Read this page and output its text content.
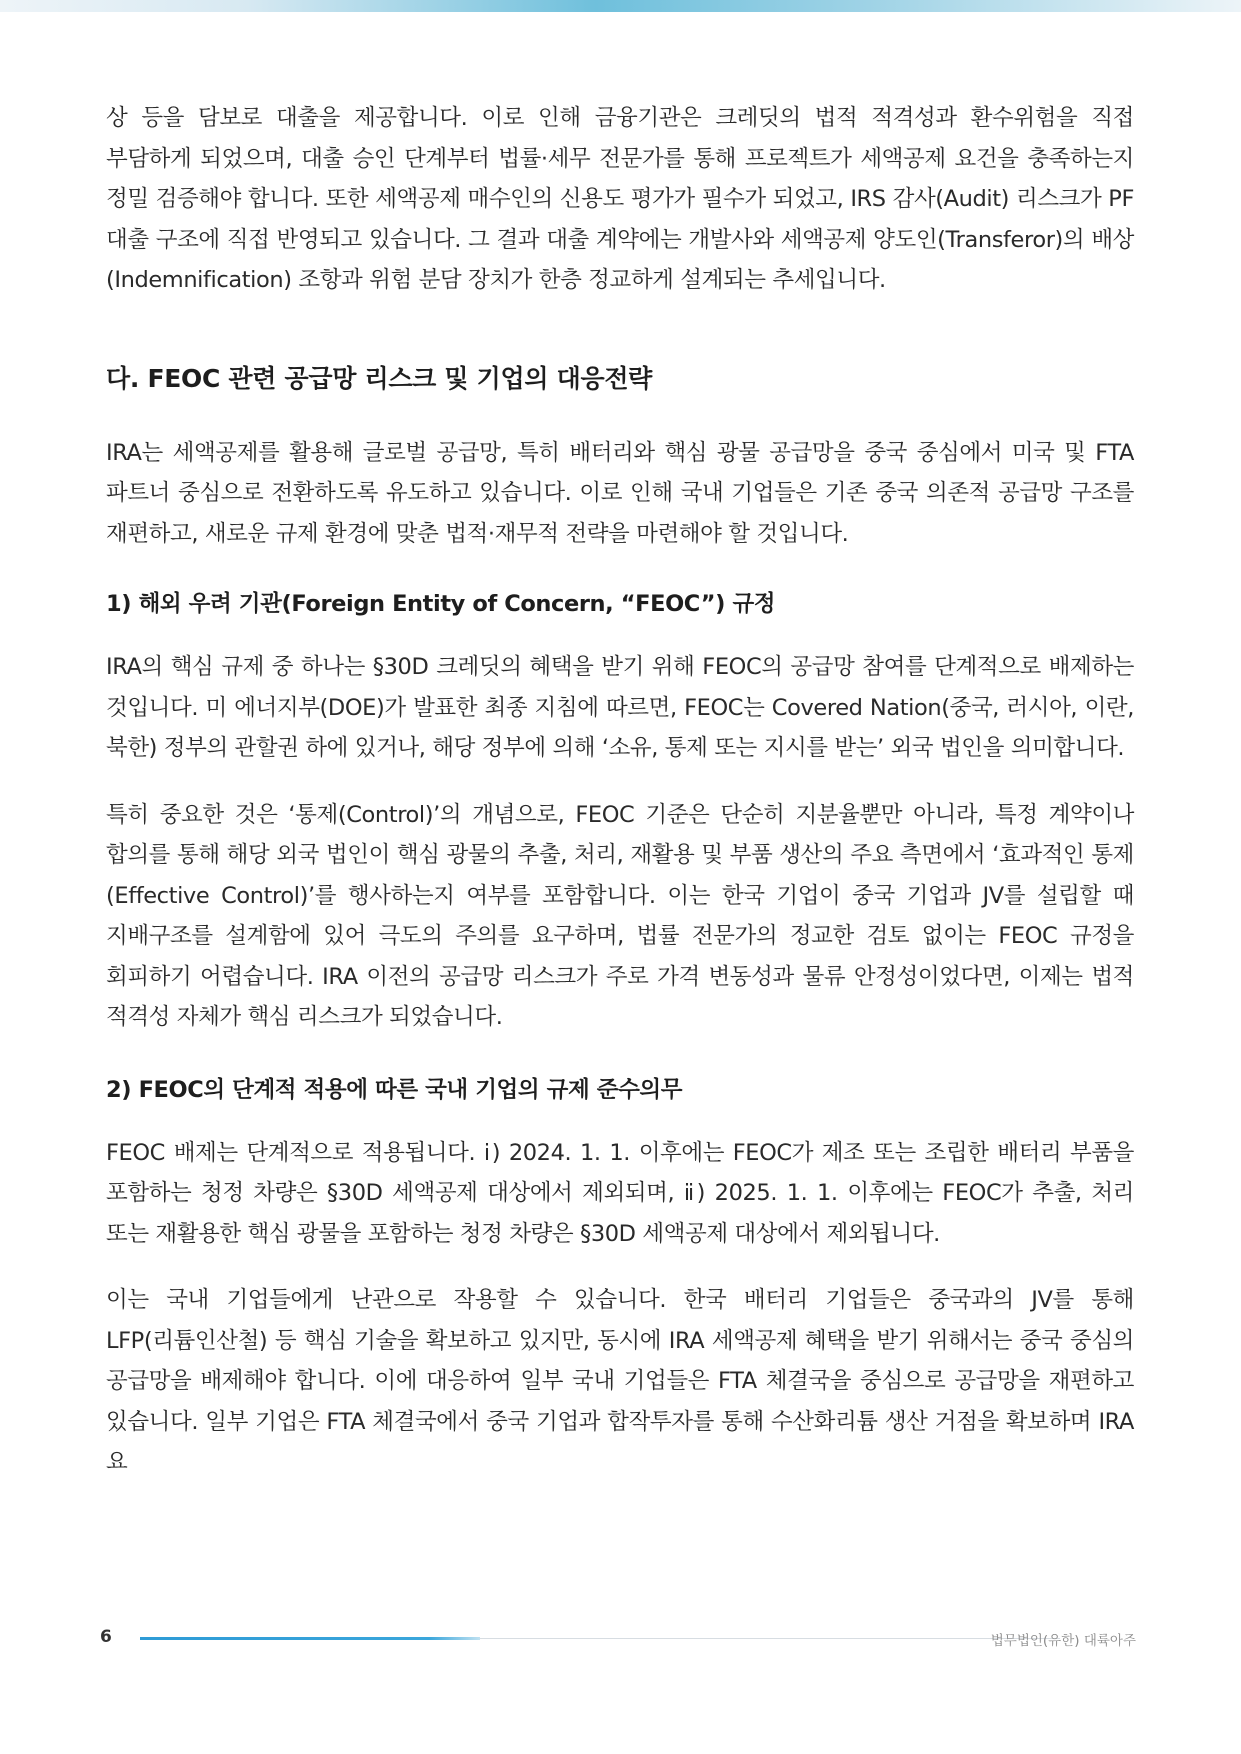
상 등을 담보로 대출을 제공합니다. 이로 인해 금융기관은 크레딧의 법적 적격성과 환수위험을 직접 부담하게 되었으며, 대출 승인 단계부터 법률·세무 전문가를 통해 프로젝트가 세액공제 요건을 충족하는지 정밀 검증해야 합니다. 또한 세액공제 매수인의 신용도 평가가 필수가 되었고, IRS 감사(Audit) 리스크가 PF 대출 구조에 직접 반영되고 있습니다. 그 결과 대출 계약에는 개발사와 세액공제 양도인(Transferor)의 배상(Indemnification) 조항과 위험 분담 장치가 한층 정교하게 설계되는 추세입니다.

다. FEOC 관련 공급망 리스크 및 기업의 대응전략

IRA는 세액공제를 활용해 글로벌 공급망, 특히 배터리와 핵심 광물 공급망을 중국 중심에서 미국 및 FTA 파트너 중심으로 전환하도록 유도하고 있습니다. 이로 인해 국내 기업들은 기존 중국 의존적 공급망 구조를 재편하고, 새로운 규제 환경에 맞춘 법적·재무적 전략을 마련해야 할 것입니다.

1) 해외 우려 기관(Foreign Entity of Concern, “FEOC”) 규정

IRA의 핵심 규제 중 하나는 §30D 크레딧의 혜택을 받기 위해 FEOC의 공급망 참여를 단계적으로 배제하는 것입니다. 미 에너지부(DOE)가 발표한 최종 지침에 따르면, FEOC는 Covered Nation(중국, 러시아, 이란, 북한) 정부의 관할권 하에 있거나, 해당 정부에 의해 ‘소유, 통제 또는 지시를 받는’ 외국 법인을 의미합니다.

특히 중요한 것은 ‘통제(Control)’의 개념으로, FEOC 기준은 단순히 지분율뿐만 아니라, 특정 계약이나 합의를 통해 해당 외국 법인이 핵심 광물의 추출, 처리, 재활용 및 부품 생산의 주요 측면에서 ‘효과적인 통제(Effective Control)’를 행사하는지 여부를 포함합니다. 이는 한국 기업이 중국 기업과 JV를 설립할 때 지배구조를 설계함에 있어 극도의 주의를 요구하며, 법률 전문가의 정교한 검토 없이는 FEOC 규정을 회피하기 어렵습니다. IRA 이전의 공급망 리스크가 주로 가격 변동성과 물류 안정성이었다면, 이제는 법적 적격성 자체가 핵심 리스크가 되었습니다.

2) FEOC의 단계적 적용에 따른 국내 기업의 규제 준수의무

FEOC 배제는 단계적으로 적용됩니다. ⅰ) 2024. 1. 1. 이후에는 FEOC가 제조 또는 조립한 배터리 부품을 포함하는 청정 차량은 §30D 세액공제 대상에서 제외되며, ⅱ) 2025. 1. 1. 이후에는 FEOC가 추출, 처리 또는 재활용한 핵심 광물을 포함하는 청정 차량은 §30D 세액공제 대상에서 제외됩니다.

이는 국내 기업들에게 난관으로 작용할 수 있습니다. 한국 배터리 기업들은 중국과의 JV를 통해 LFP(리튬인산철) 등 핵심 기술을 확보하고 있지만, 동시에 IRA 세액공제 혜택을 받기 위해서는 중국 중심의 공급망을 배제해야 합니다. 이에 대응하여 일부 국내 기업들은 FTA 체결국을 중심으로 공급망을 재편하고 있습니다. 일부 기업은 FTA 체결국에서 중국 기업과 합작투자를 통해 수산화리튬 생산 거점을 확보하며 IRA 요

6	법무법인(유한) 대륙아주
